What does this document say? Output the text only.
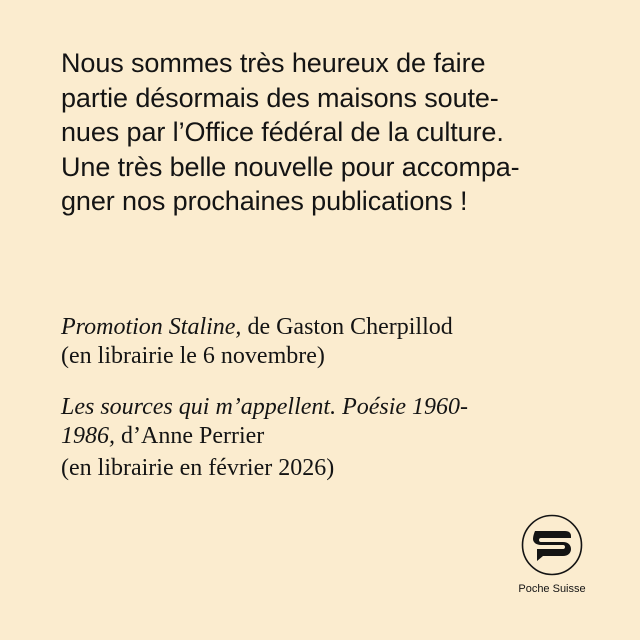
Nous sommes très heureux de faire
partie désormais des maisons soute-
nues par l’Office fédéral de la culture.
Une très belle nouvelle pour accompa-
gner nos prochaines publications !
Promotion Staline, de Gaston Cherpillod
(en librairie le 6 novembre)
Les sources qui m’appellent. Poésie 1960-
1986, d’Anne Perrier
(en librairie en février 2026)
Poche Suisse
